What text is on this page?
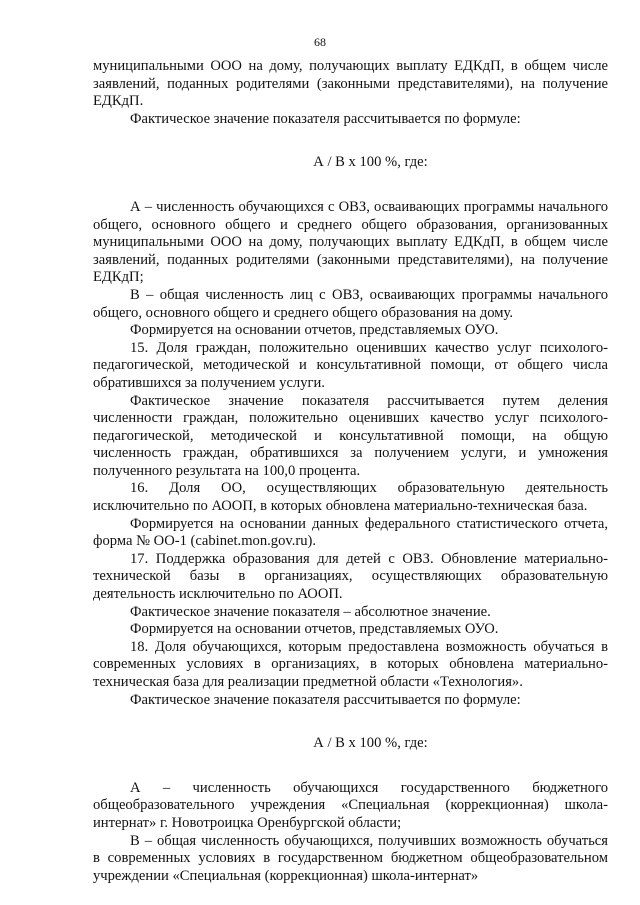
68

муниципальными ООО на дому, получающих выплату ЕДКдП, в общем числе заявлений, поданных родителями (законными представителями), на получение ЕДКдП.

Фактическое значение показателя рассчитывается по формуле:

А / В x 100 %, где:

А – численность обучающихся с ОВЗ, осваивающих программы начального общего, основного общего и среднего общего образования, организованных муниципальными ООО на дому, получающих выплату ЕДКдП, в общем числе заявлений, поданных родителями (законными представителями), на получение ЕДКдП;

В – общая численность лиц с ОВЗ, осваивающих программы начального общего, основного общего и среднего общего образования на дому.

Формируется на основании отчетов, представляемых ОУО.

15. Доля граждан, положительно оценивших качество услуг психолого-педагогической, методической и консультативной помощи, от общего числа обратившихся за получением услуги.

Фактическое значение показателя рассчитывается путем деления численности граждан, положительно оценивших качество услуг психолого-педагогической, методической и консультативной помощи, на общую численность граждан, обратившихся за получением услуги, и умножения полученного результата на 100,0 процента.

16. Доля ОО, осуществляющих образовательную деятельность исключительно по АООП, в которых обновлена материально-техническая база.

Формируется на основании данных федерального статистического отчета, форма № ОО-1 (cabinet.mon.gov.ru).

17. Поддержка образования для детей с ОВЗ. Обновление материально-технической базы в организациях, осуществляющих образовательную деятельность исключительно по АООП.

Фактическое значение показателя – абсолютное значение.

Формируется на основании отчетов, представляемых ОУО.

18. Доля обучающихся, которым предоставлена возможность обучаться в современных условиях в организациях, в которых обновлена материально-техническая база для реализации предметной области «Технология».

Фактическое значение показателя рассчитывается по формуле:

А / В x 100 %, где:

А – численность обучающихся государственного бюджетного общеобразовательного учреждения «Специальная (коррекционная) школа-интернат» г. Новотроицка Оренбургской области;

В – общая численность обучающихся, получивших возможность обучаться в современных условиях в государственном бюджетном общеобразовательном учреждении «Специальная (коррекционная) школа-интернат»
